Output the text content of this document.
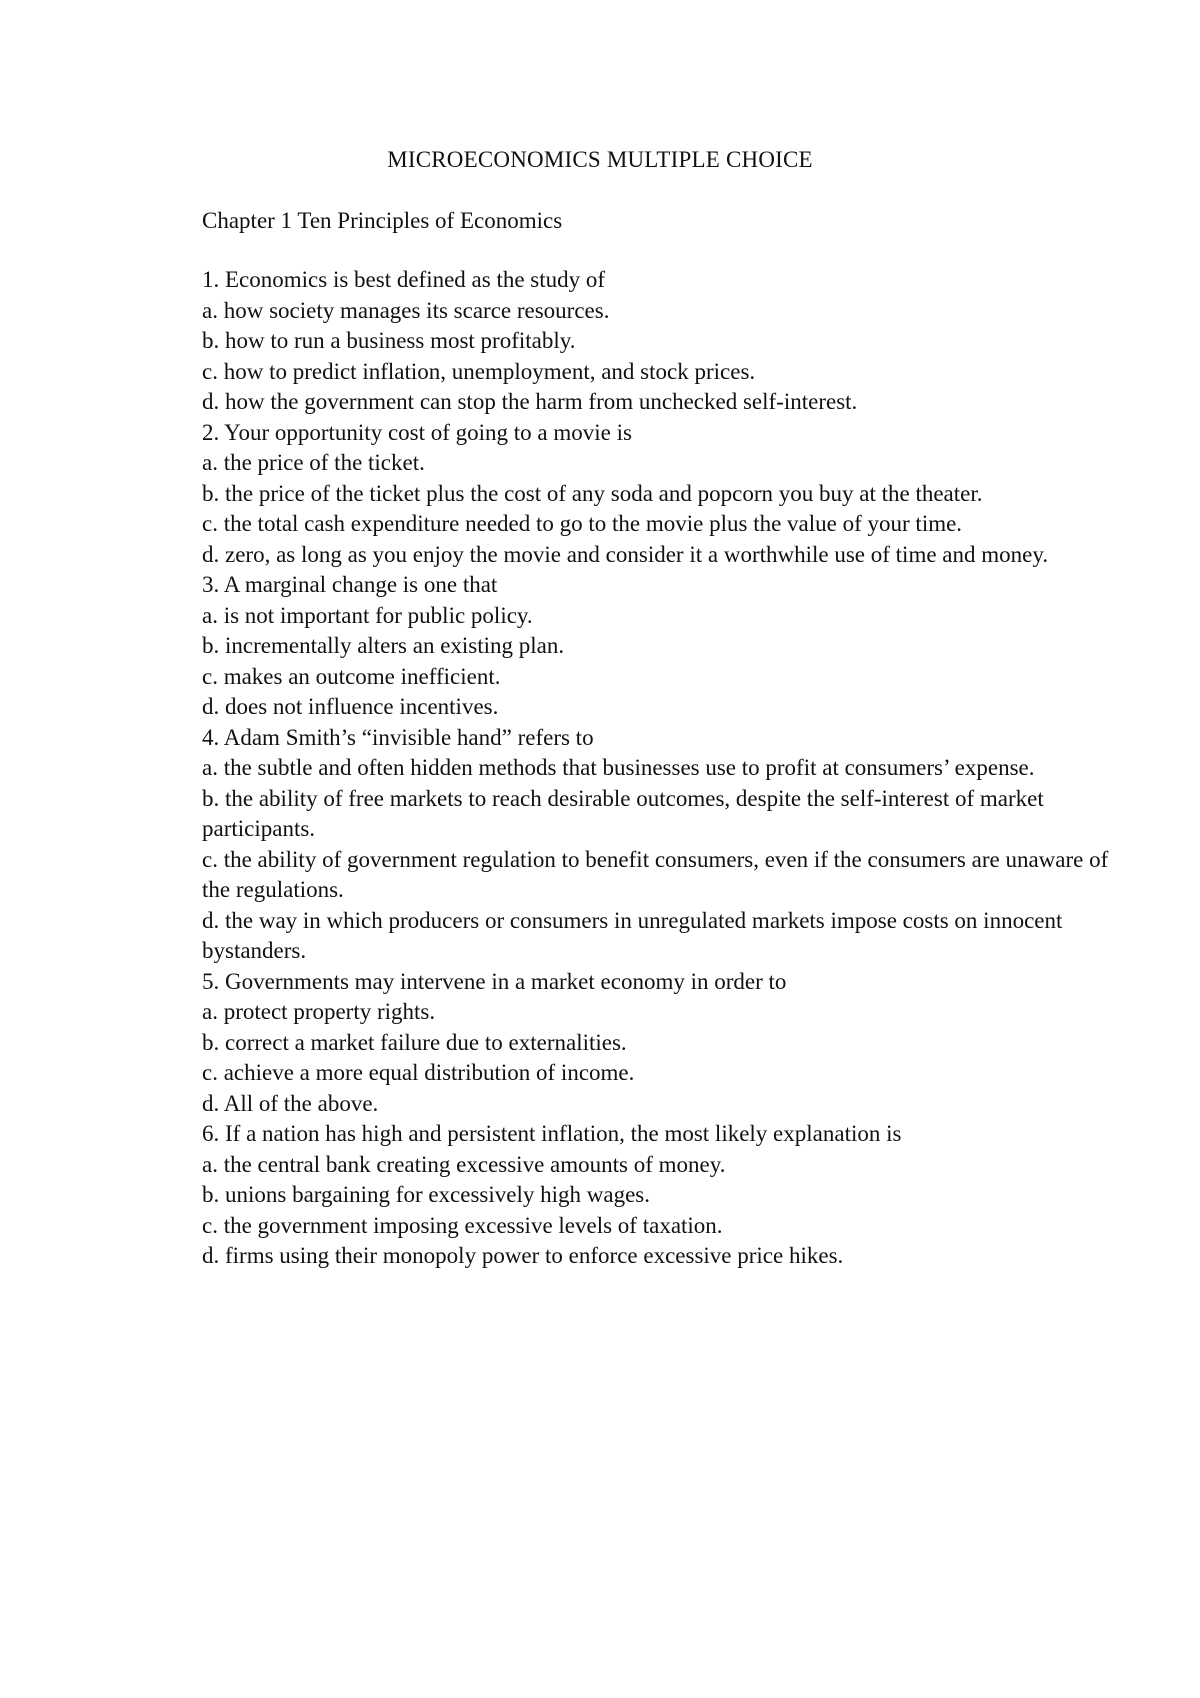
MICROECONOMICS MULTIPLE CHOICE

Chapter 1 Ten Principles of Economics

1. Economics is best defined as the study of

a. how society manages its scarce resources.

b. how to run a business most profitably.

c. how to predict inflation, unemployment, and stock prices.

d. how the government can stop the harm from unchecked self-interest.

2. Your opportunity cost of going to a movie is

a. the price of the ticket.

b. the price of the ticket plus the cost of any soda and popcorn you buy at the theater.

c. the total cash expenditure needed to go to the movie plus the value of your time.

d. zero, as long as you enjoy the movie and consider it a worthwhile use of time and money.

3. A marginal change is one that

a. is not important for public policy.

b. incrementally alters an existing plan.

c. makes an outcome inefficient.

d. does not influence incentives.

4. Adam Smith’s “invisible hand” refers to

a. the subtle and often hidden methods that businesses use to profit at consumers’ expense.

b. the ability of free markets to reach desirable outcomes, despite the self-interest of market participants.

c. the ability of government regulation to benefit consumers, even if the consumers are unaware of the regulations.

d. the way in which producers or consumers in unregulated markets impose costs on innocent bystanders.

5. Governments may intervene in a market economy in order to

a. protect property rights.

b. correct a market failure due to externalities.

c. achieve a more equal distribution of income.

d. All of the above.

6. If a nation has high and persistent inflation, the most likely explanation is

a. the central bank creating excessive amounts of money.

b. unions bargaining for excessively high wages.

c. the government imposing excessive levels of taxation.

d. firms using their monopoly power to enforce excessive price hikes.
